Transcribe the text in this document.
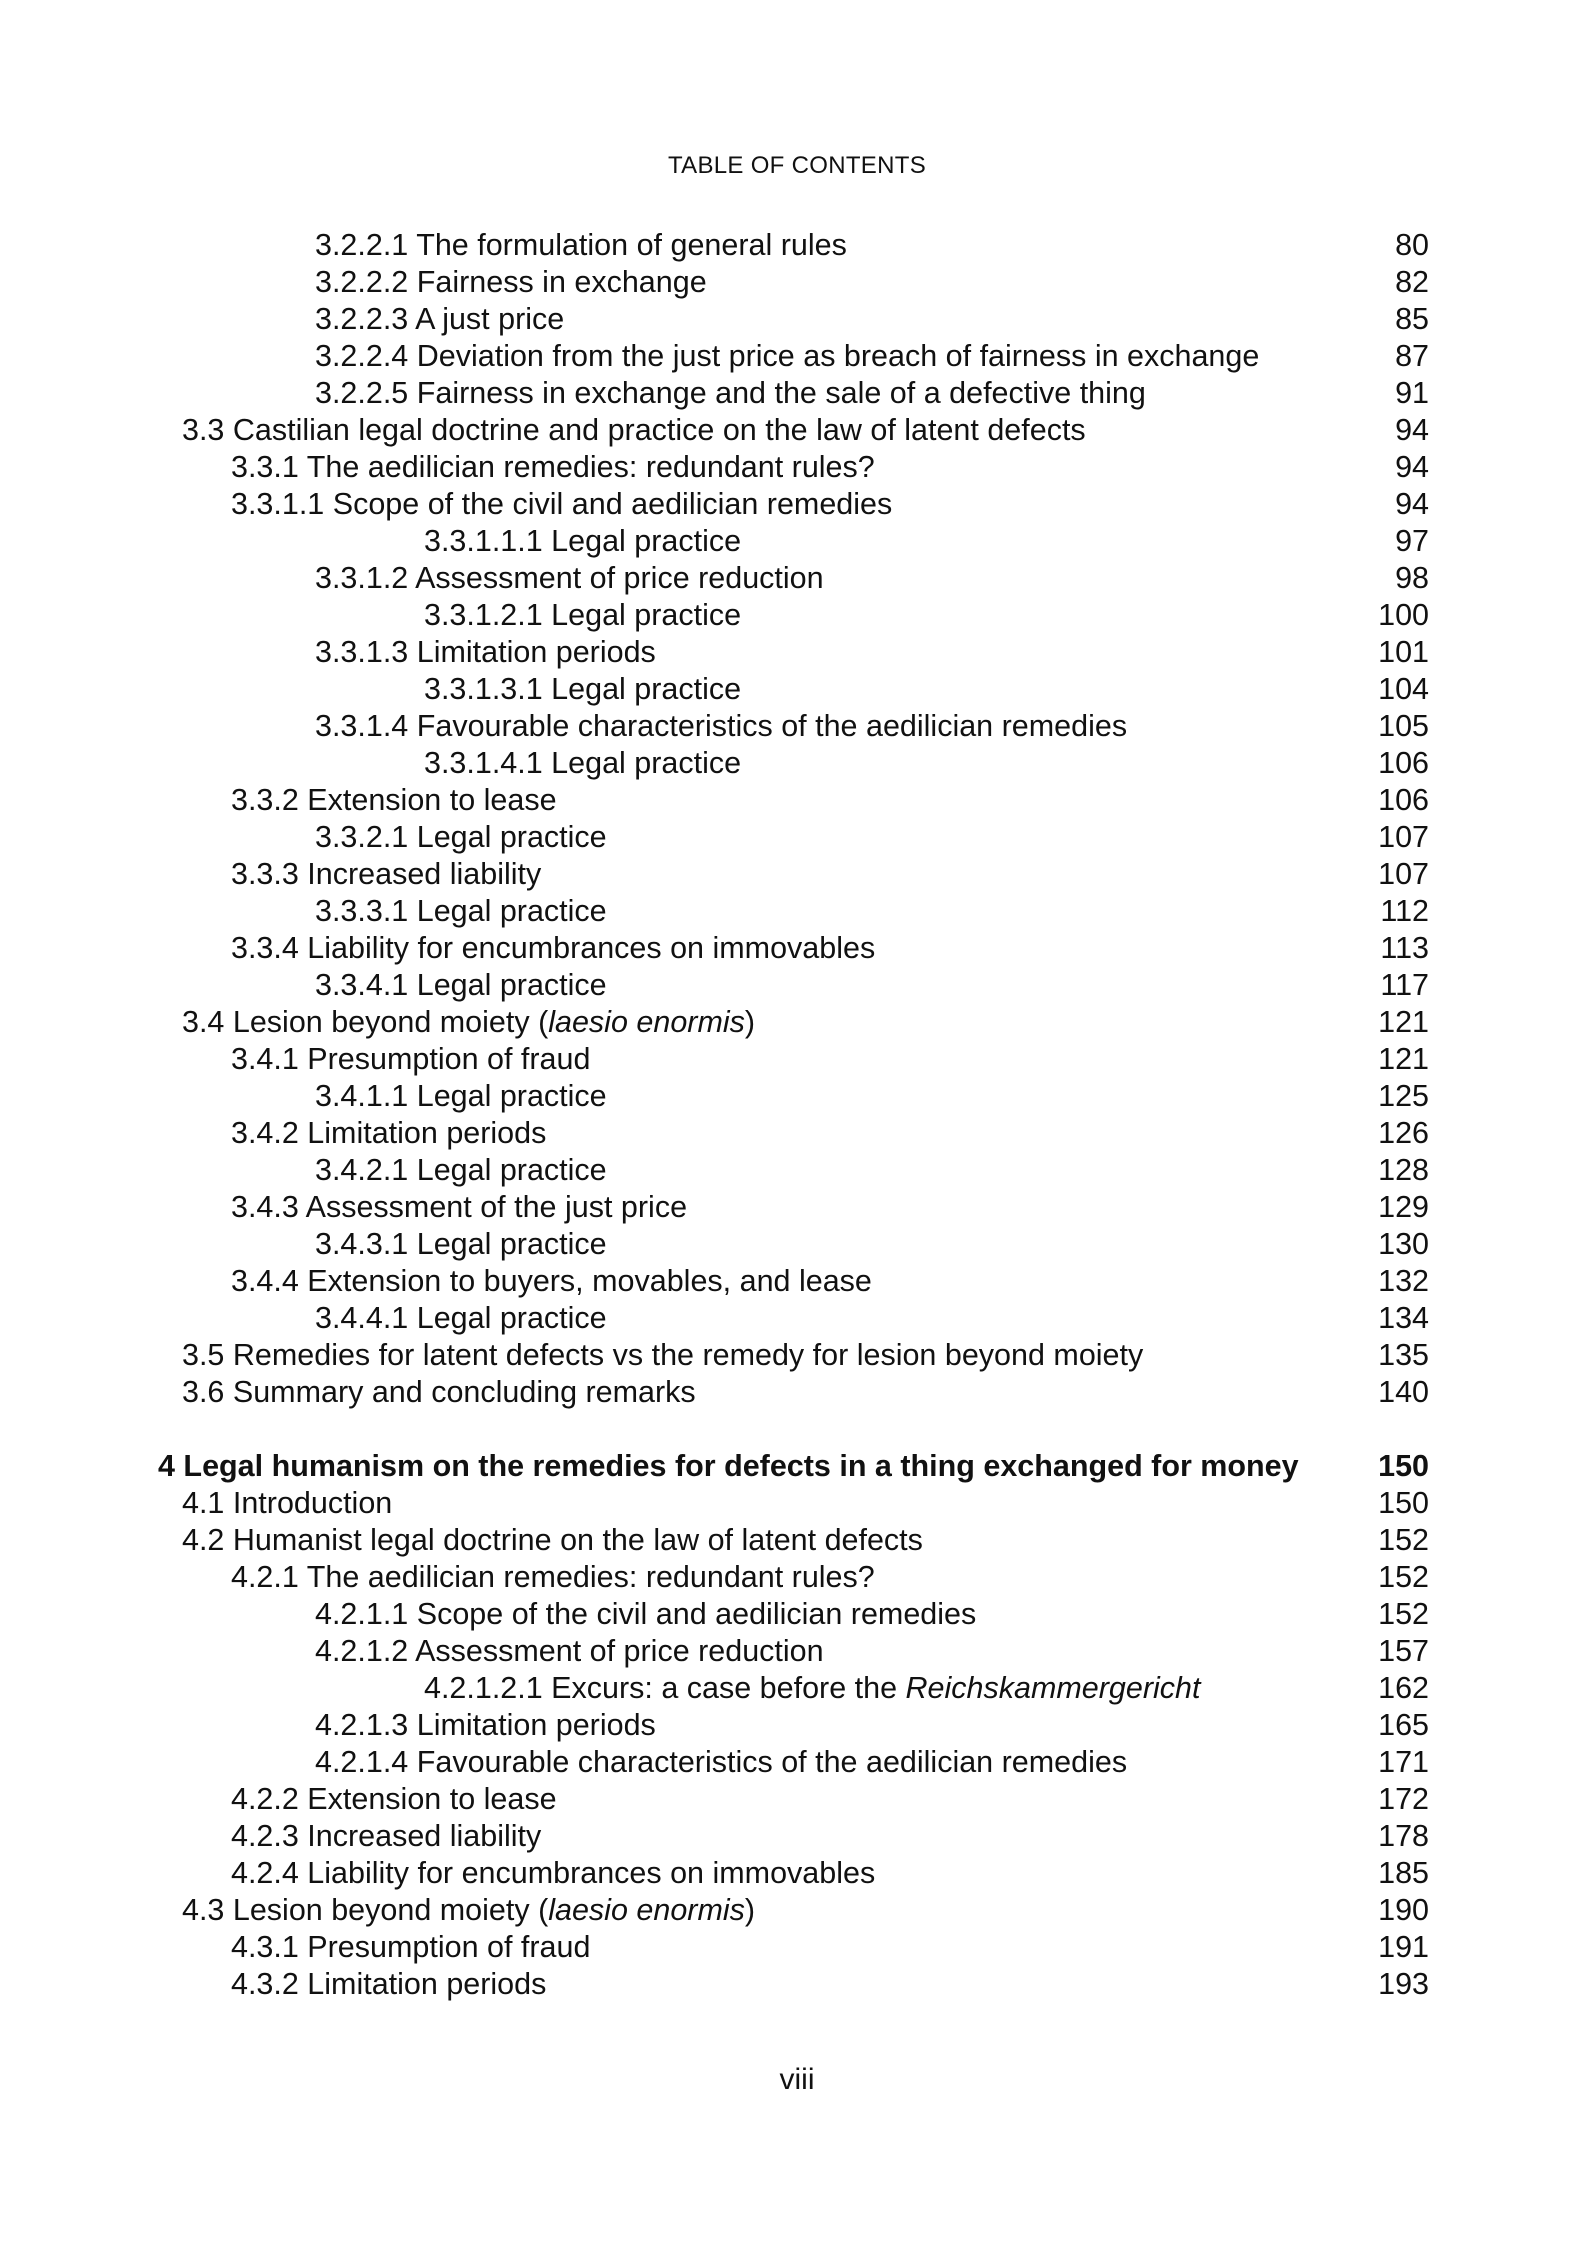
TABLE OF CONTENTS
3.2.2.1 The formulation of general rules	80
3.2.2.2 Fairness in exchange	82
3.2.2.3 A just price	85
3.2.2.4 Deviation from the just price as breach of fairness in exchange	87
3.2.2.5 Fairness in exchange and the sale of a defective thing	91
3.3 Castilian legal doctrine and practice on the law of latent defects	94
3.3.1 The aedilician remedies: redundant rules?	94
3.3.1.1 Scope of the civil and aedilician remedies	94
3.3.1.1.1 Legal practice	97
3.3.1.2 Assessment of price reduction	98
3.3.1.2.1 Legal practice	100
3.3.1.3 Limitation periods	101
3.3.1.3.1 Legal practice	104
3.3.1.4 Favourable characteristics of the aedilician remedies	105
3.3.1.4.1 Legal practice	106
3.3.2 Extension to lease	106
3.3.2.1 Legal practice	107
3.3.3 Increased liability	107
3.3.3.1 Legal practice	112
3.3.4 Liability for encumbrances on immovables	113
3.3.4.1 Legal practice	117
3.4 Lesion beyond moiety (laesio enormis)	121
3.4.1 Presumption of fraud	121
3.4.1.1 Legal practice	125
3.4.2 Limitation periods	126
3.4.2.1 Legal practice	128
3.4.3 Assessment of the just price	129
3.4.3.1 Legal practice	130
3.4.4 Extension to buyers, movables, and lease	132
3.4.4.1 Legal practice	134
3.5 Remedies for latent defects vs the remedy for lesion beyond moiety	135
3.6 Summary and concluding remarks	140
4 Legal humanism on the remedies for defects in a thing exchanged for money	150
4.1 Introduction	150
4.2 Humanist legal doctrine on the law of latent defects	152
4.2.1 The aedilician remedies: redundant rules?	152
4.2.1.1 Scope of the civil and aedilician remedies	152
4.2.1.2 Assessment of price reduction	157
4.2.1.2.1 Excurs: a case before the Reichskammergericht	162
4.2.1.3 Limitation periods	165
4.2.1.4 Favourable characteristics of the aedilician remedies	171
4.2.2 Extension to lease	172
4.2.3 Increased liability	178
4.2.4 Liability for encumbrances on immovables	185
4.3 Lesion beyond moiety (laesio enormis)	190
4.3.1 Presumption of fraud	191
4.3.2 Limitation periods	193
viii
